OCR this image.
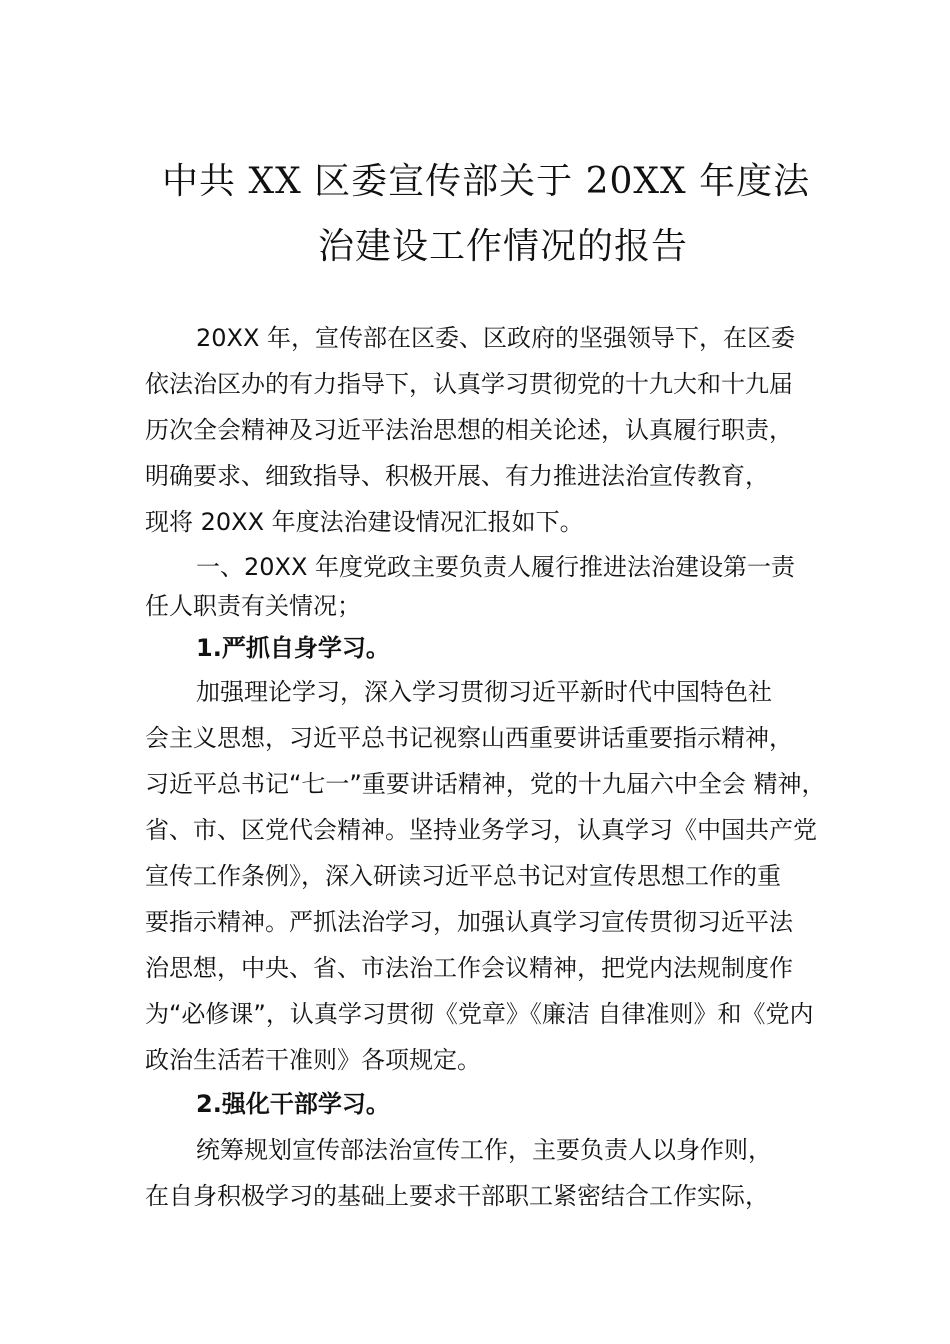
中共 XX 区委宣传部关于 20XX 年度法
治建设工作情况的报告
20XX 年，宣传部在区委、区政府的坚强领导下，在区委
依法治区办的有力指导下，认真学习贯彻党的十九大和十九届
历次全会精神及习近平法治思想的相关论述，认真履行职责，
明确要求、细致指导、积极开展、有力推进法治宣传教育，
现将 20XX 年度法治建设情况汇报如下。
一、20XX 年度党政主要负责人履行推进法治建设第一责
任人职责有关情况；
1.严抓自身学习。
加强理论学习，深入学习贯彻习近平新时代中国特色社
会主义思想，习近平总书记视察山西重要讲话重要指示精神，
习近平总书记“七一”重要讲话精神，党的十九届六中全会 精神，
省、市、区党代会精神。坚持业务学习，认真学习《中国共产党
宣传工作条例》，深入研读习近平总书记对宣传思想工作的重
要指示精神。严抓法治学习，加强认真学习宣传贯彻习近平法
治思想，中央、省、市法治工作会议精神，把党内法规制度作
为“必修课”，认真学习贯彻《党章》《廉洁 自律准则》和《党内
政治生活若干准则》各项规定。
2.强化干部学习。
统筹规划宣传部法治宣传工作，主要负责人以身作则，
在自身积极学习的基础上要求干部职工紧密结合工作实际，
